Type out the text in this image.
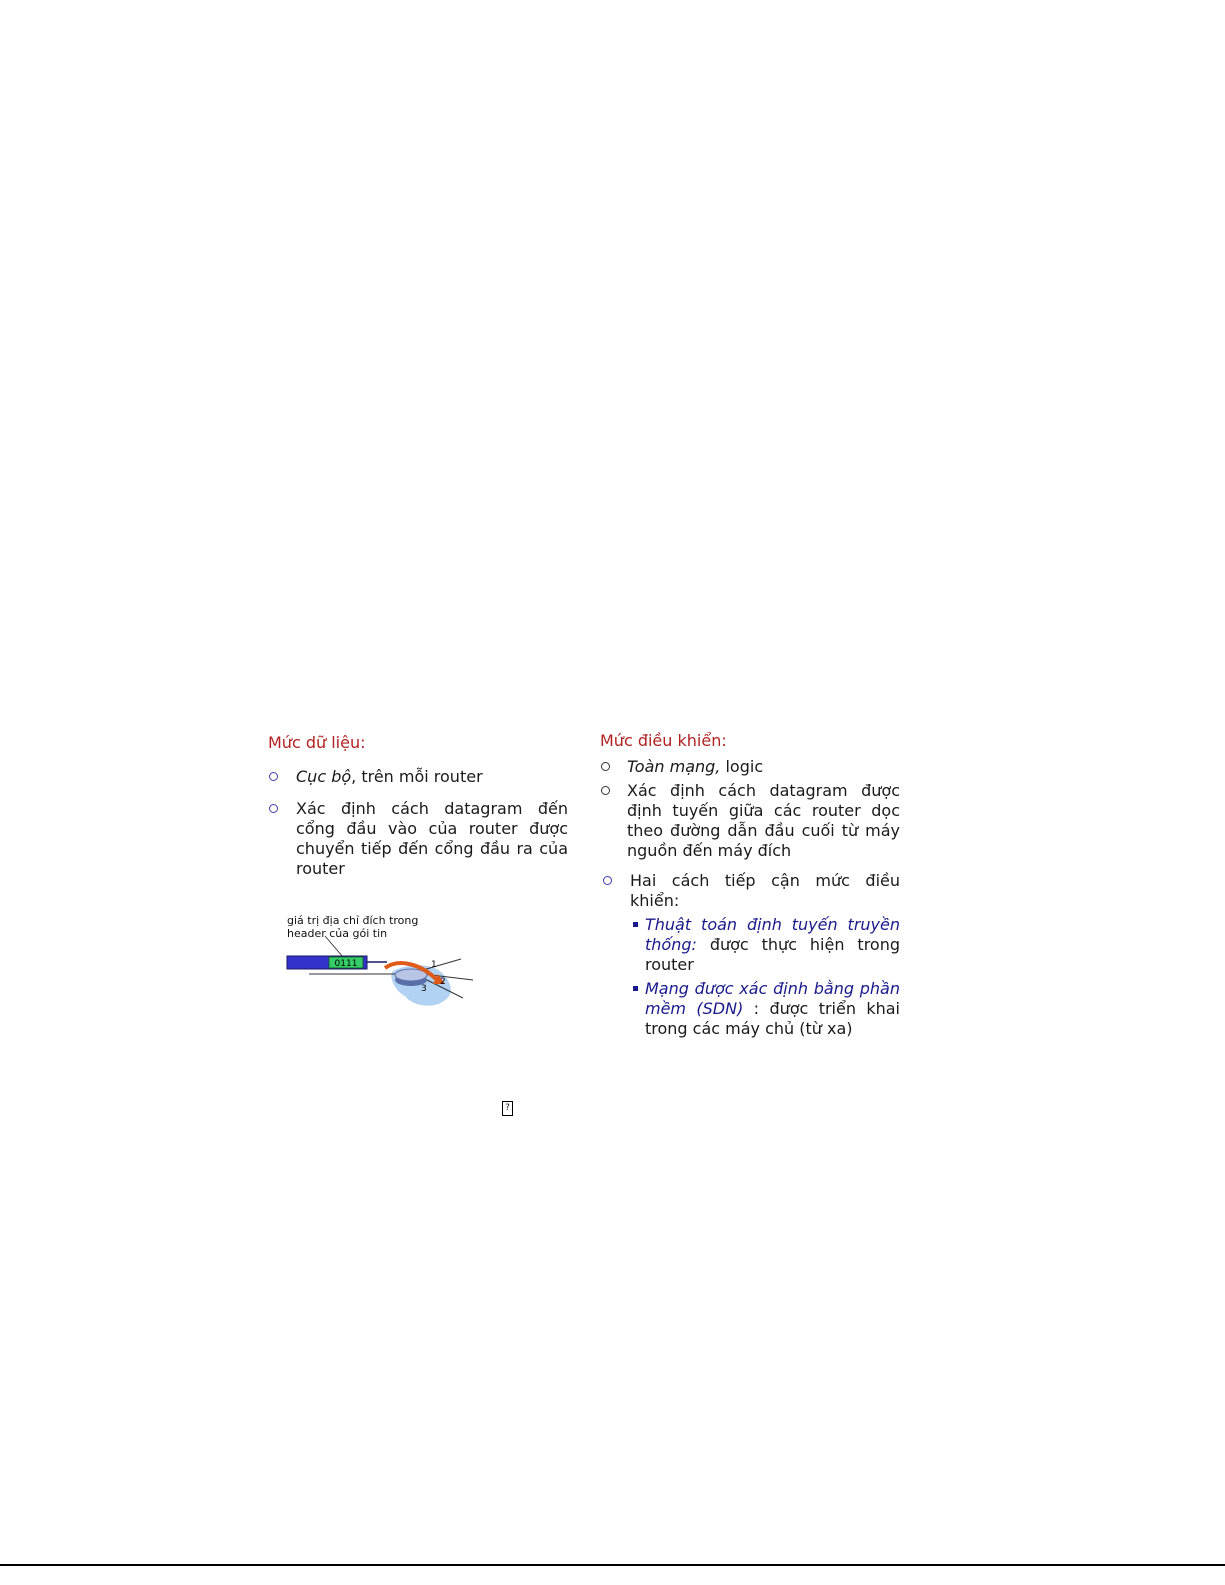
Mức dữ liệu:

Cục bộ, trên mỗi router
Xác định cách datagram đến cổng đầu vào của router được chuyển tiếp đến cổng đầu ra của router
0111	1
2
3
giá trị địa chỉ đích trong header của gói tin

Mức điều khiển:

Toàn mạng, logic
Xác định cách datagram được định tuyến giữa các router dọc theo đường dẫn đầu cuối từ máy nguồn đến máy đích
Hai cách tiếp cận mức điều khiển:
Thuật toán định tuyến truyền thống: được thực hiện trong router
Mạng được xác định bằng phần mềm (SDN) : được triển khai trong các máy chủ (từ xa)
?
